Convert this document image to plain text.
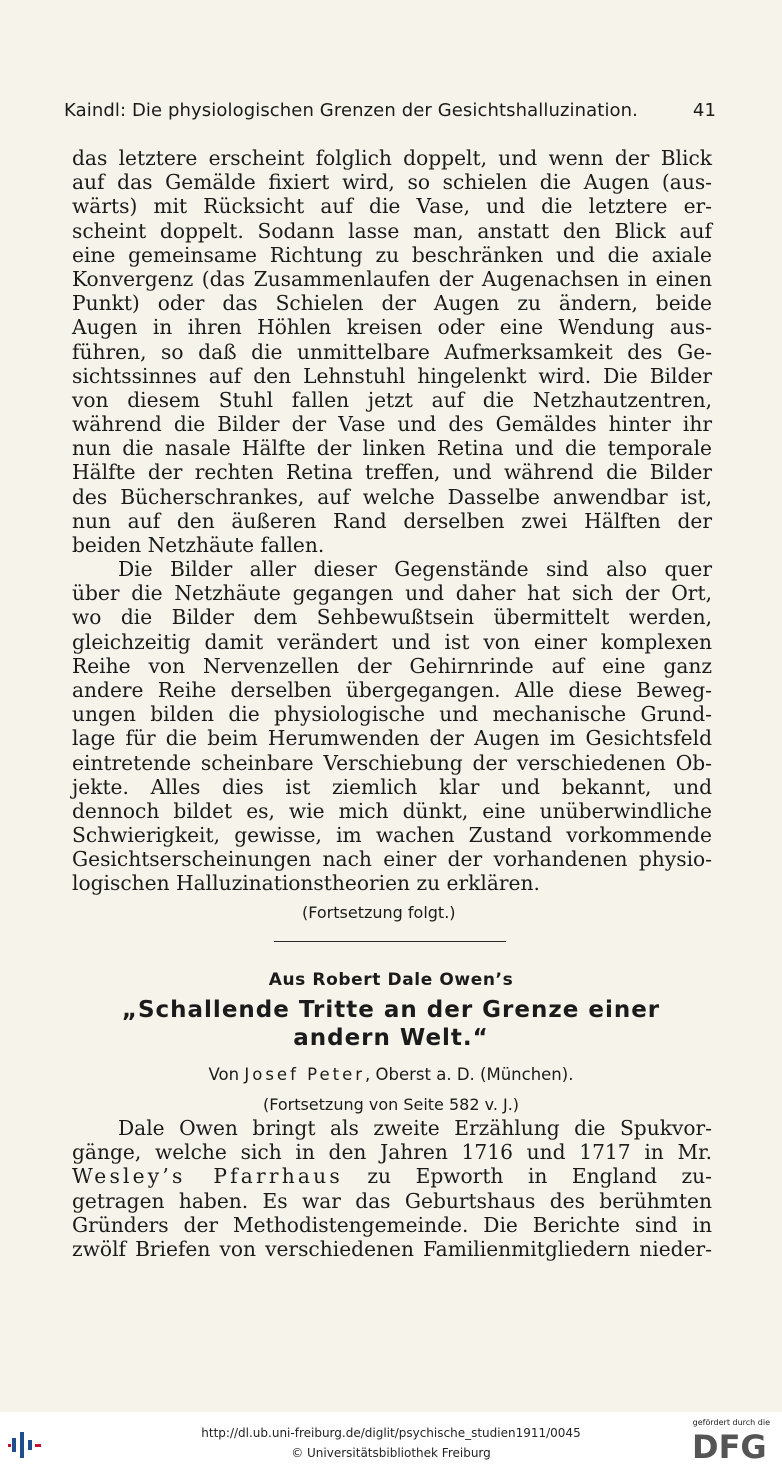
Kaindl: Die physiologischen Grenzen der Gesichtshalluzination.	41
das letztere erscheint folglich doppelt, und wenn der Blick
auf das Gemälde fixiert wird, so schielen die Augen (aus-
wärts) mit Rücksicht auf die Vase, und die letztere er-
scheint doppelt. Sodann lasse man, anstatt den Blick auf
eine gemeinsame Richtung zu beschränken und die axiale
Konvergenz (das Zusammenlaufen der Augenachsen in einen
Punkt) oder das Schielen der Augen zu ändern, beide
Augen in ihren Höhlen kreisen oder eine Wendung aus-
führen, so daß die unmittelbare Aufmerksamkeit des Ge-
sichtssinnes auf den Lehnstuhl hingelenkt wird. Die Bilder
von diesem Stuhl fallen jetzt auf die Netzhautzentren,
während die Bilder der Vase und des Gemäldes hinter ihr
nun die nasale Hälfte der linken Retina und die temporale
Hälfte der rechten Retina treffen, und während die Bilder
des Bücherschrankes, auf welche Dasselbe anwendbar ist,
nun auf den äußeren Rand derselben zwei Hälften der
beiden Netzhäute fallen.
Die Bilder aller dieser Gegenstände sind also quer
über die Netzhäute gegangen und daher hat sich der Ort,
wo die Bilder dem Sehbewußtsein übermittelt werden,
gleichzeitig damit verändert und ist von einer komplexen
Reihe von Nervenzellen der Gehirnrinde auf eine ganz
andere Reihe derselben übergegangen. Alle diese Beweg-
ungen bilden die physiologische und mechanische Grund-
lage für die beim Herumwenden der Augen im Gesichtsfeld
eintretende scheinbare Verschiebung der verschiedenen Ob-
jekte. Alles dies ist ziemlich klar und bekannt, und
dennoch bildet es, wie mich dünkt, eine unüberwindliche
Schwierigkeit, gewisse, im wachen Zustand vorkommende
Gesichtserscheinungen nach einer der vorhandenen physio-
logischen Halluzinationstheorien zu erklären.
(Fortsetzung folgt.)
Aus Robert Dale Owen’s
„Schallende Tritte an der Grenze einer
andern Welt.“
Von Josef Peter, Oberst a. D. (München).
(Fortsetzung von Seite 582 v. J.)
Dale Owen bringt als zweite Erzählung die Spukvor-
gänge, welche sich in den Jahren 1716 und 1717 in Mr.
Wesley’s Pfarrhaus zu Epworth in England zu-
getragen haben. Es war das Geburtshaus des berühmten
Gründers der Methodistengemeinde. Die Berichte sind in
zwölf Briefen von verschiedenen Familienmitgliedern nieder-
http://dl.ub.uni-freiburg.de/diglit/psychische_studien1911/0045
© Universitätsbibliothek Freiburg
gefördert durch die
DFG
